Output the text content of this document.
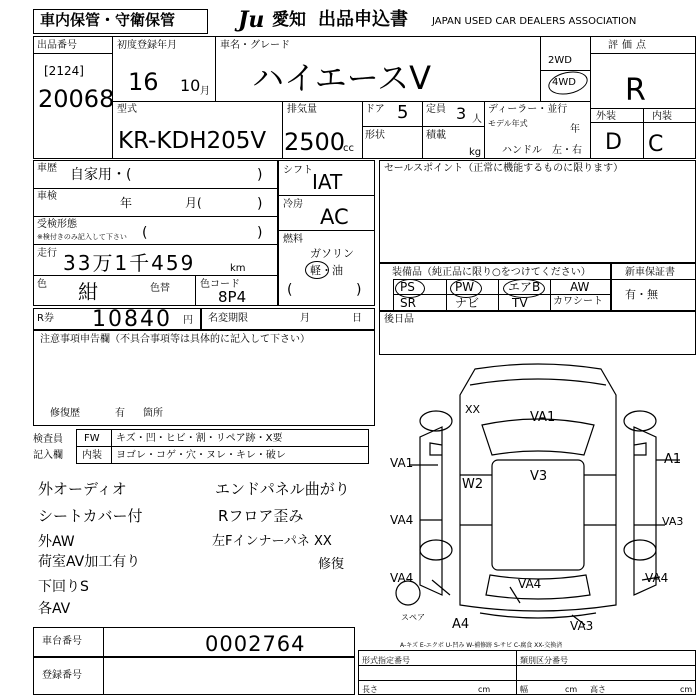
車内保管・守衛保管	Ju 愛知 出品申込書 JAPAN USED CAR DEALERS ASSOCIATION
出品番号
[2124]
20068
初度登録年月
16 10 月
車名・グレード
ハイエースV	2WD
4WD
評価点
R
外装	内装
D C
型式
KR-KDH205V
排気量
2500
cc
ドア 5 定員 3 人
形状	積載
kg
ディーラー・並行
モデル年式
年
ハンドル 左・右
車歴 自家用・(	)
車検	年	月(	)
受検形態
※検付きのみ記入して下さい (	)
走行 33万1千459	km
色 紺	色替	色コード
8P4
シフト IAT
冷房
AC
燃料
ガソリン
軽・油
(	)
セールスポイント（正常に機能するものに限ります）
装備品（純正品に限り○をつけてください）
PS	PW	エアB AW
SR	ナビ	TV	カワシート
新車保証書
有・無
R券 10840 円 名変期限	月	日 後日品
注意事項申告欄（不具合事項等は具体的に記入して下さい）
修復歴	有 箇所
検査員
記入欄
FW キズ・凹・ヒビ・割・リペア跡・X要
内装 ヨゴレ・コゲ・穴・ヌレ・キレ・破レ
外オーディオ
シートカバー付
外AW
荷室AV加工有り
下回りS
各AV
エンドパネル曲がり
Rフロア歪み
左Fインナーパネ XX
修復
XX
VA1
VA1	A1
W2
V3
VA4	VA3
VA4	VA4	VA4
A4	VA3
スペア
A-キズ E-エクボ U-凹み W-補修跡 S-サビ C-腐食 XX-交換済
車台番号	0002764
登録番号
形式指定番号	類別区分番号
長さ	cm	幅	cm 高さ	cm
